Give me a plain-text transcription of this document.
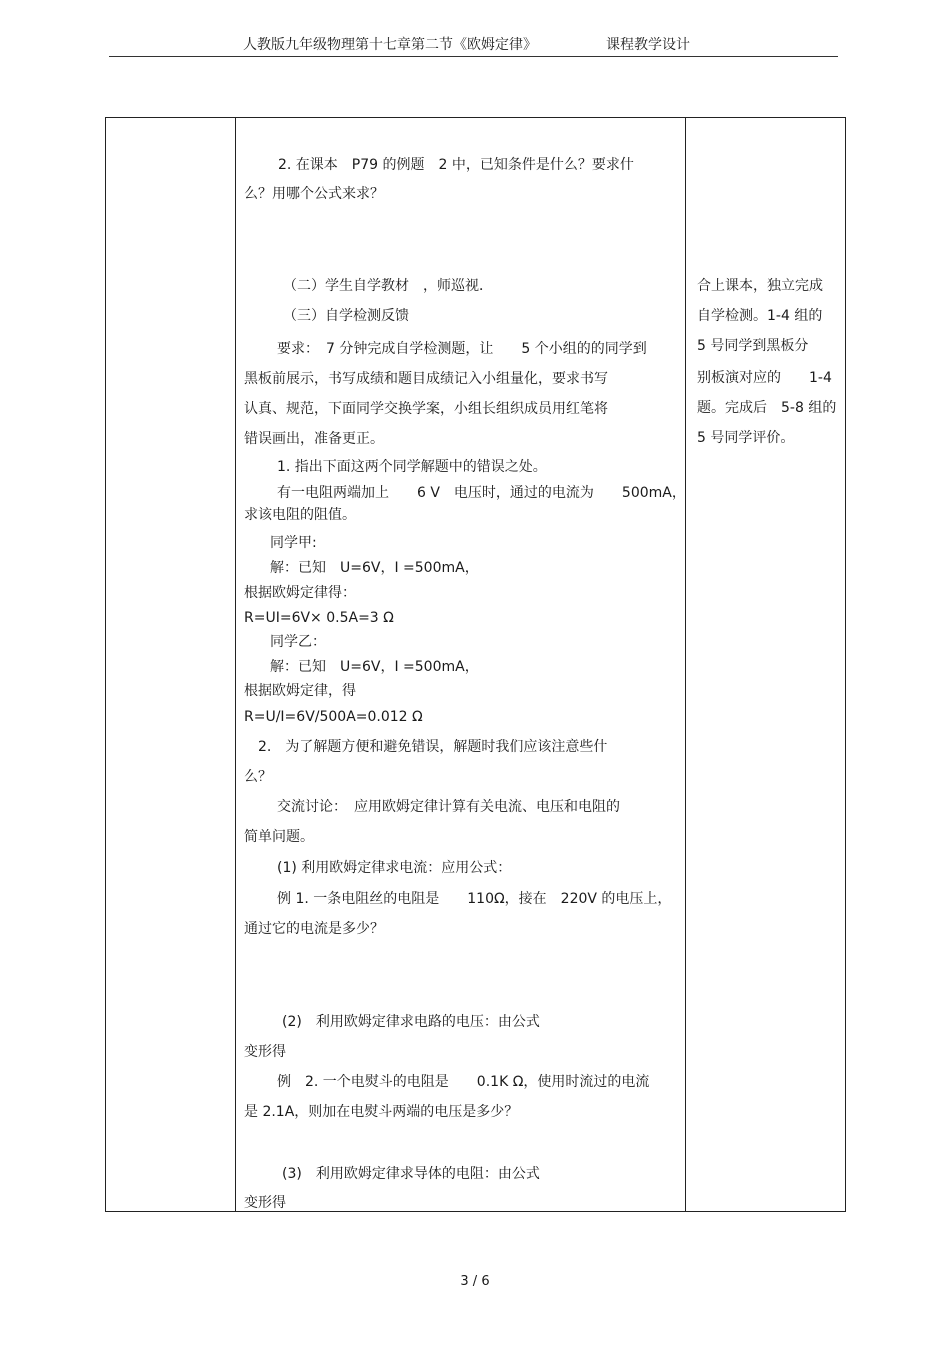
人教版九年级物理第十七章第二节《欧姆定律》	课程教学设计
2. 在课本　P79 的例题　2 中，已知条件是什么？要求什
么？用哪个公式来求？
（二）学生自学教材　，师巡视．
（三）自学检测反馈
要求：　7 分钟完成自学检测题，让　　5 个小组的的同学到
黑板前展示，书写成绩和题目成绩记入小组量化，要求书写
认真、规范，下面同学交换学案，小组长组织成员用红笔将
错误画出，准备更正。
1. 指出下面这两个同学解题中的错误之处。
有一电阻两端加上　　6 V　电压时，通过的电流为　　500mA，
求该电阻的阻值。
同学甲:
解：已知　U=6V，I =500mA，
根据欧姆定律得：
R=UI=6V× 0.5A=3 Ω
同学乙：
解：已知　U=6V，I =500mA，
根据欧姆定律，得
R=U/I=6V/500A=0.012 Ω
2.　为了解题方便和避免错误，解题时我们应该注意些什
么？
交流讨论：　应用欧姆定律计算有关电流、电压和电阻的
简单问题。
(1) 利用欧姆定律求电流：应用公式：
例 1. 一条电阻丝的电阻是　　110Ω，接在　220V 的电压上，
通过它的电流是多少？
(2)　利用欧姆定律求电路的电压：由公式
变形得
例　2. 一个电熨斗的电阻是　　0.1K Ω，使用时流过的电流
是 2.1A，则加在电熨斗两端的电压是多少？
(3)　利用欧姆定律求导体的电阻：由公式
变形得
合上课本，独立完成
自学检测。1-4 组的
5 号同学到黑板分
别板演对应的　　1-4
题。完成后　5-8 组的
5 号同学评价。
3 / 6
